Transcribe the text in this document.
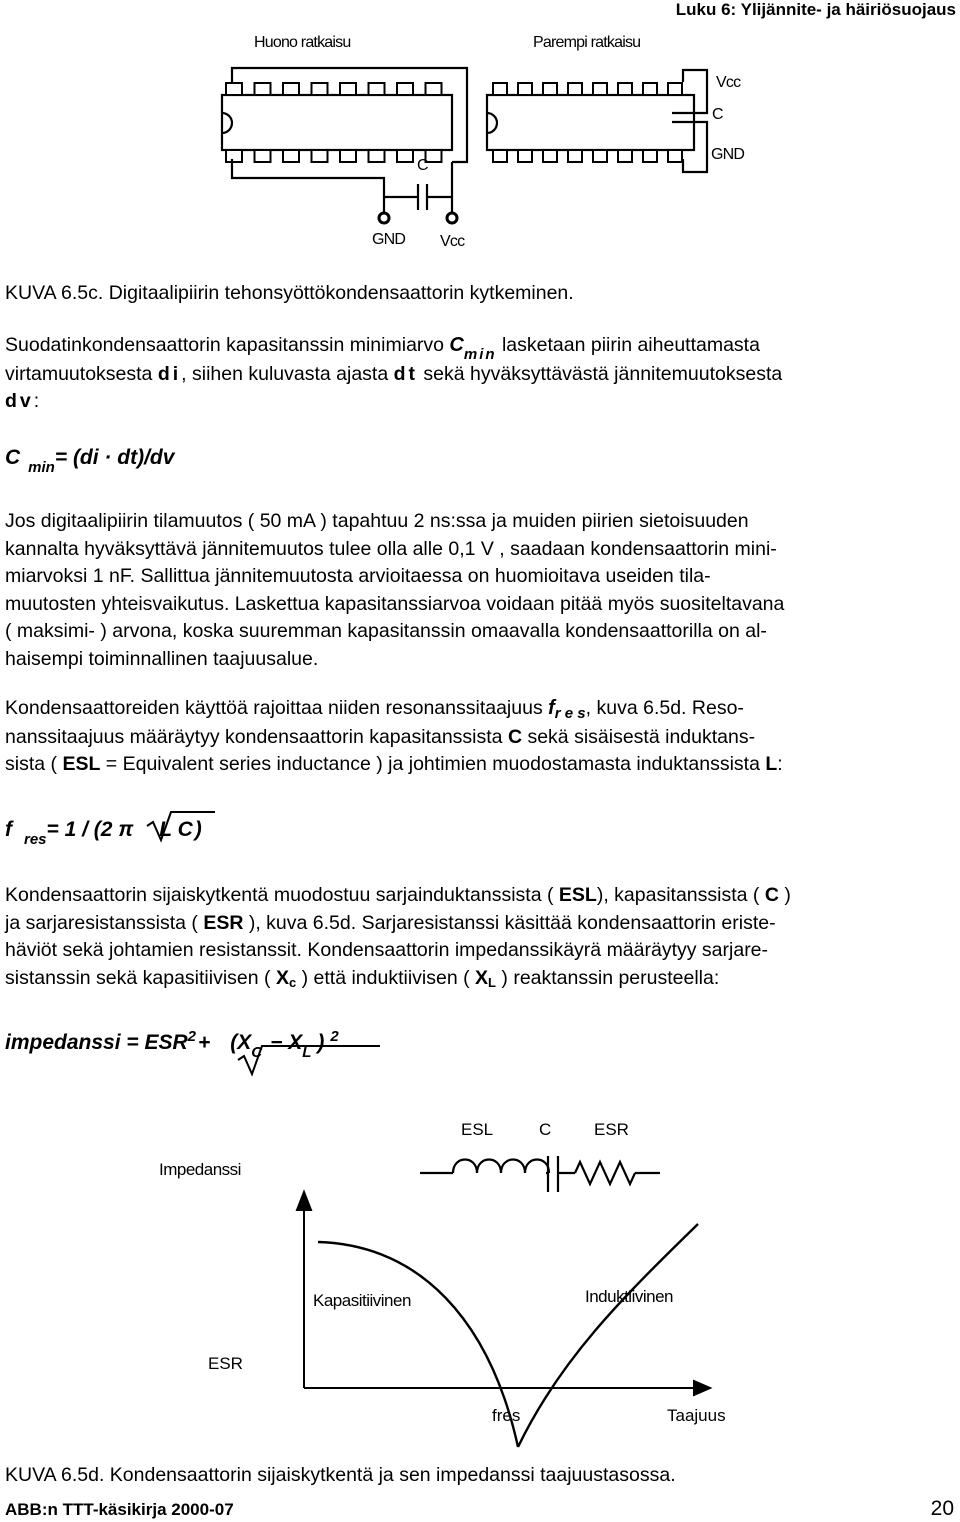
Luku 6: Ylijännite- ja häiriösuojaus
Huono ratkaisu	Parempi ratkaisu
Vcc
C
GND
C
GND Vcc
KUVA 6.5c. Digitaalipiirin tehonsyöttökondensaattorin kytkeminen.
Suodatinkondensaattorin kapasitanssin minimiarvo $C_{min}$ lasketaan piirin aiheuttamasta
virtamuutoksesta di, siihen kuluvasta ajasta dt sekä hyväksyttävästä jännitemuutoksesta
dv:
C $_{min}$= (di · dt)/dv
Jos digitaalipiirin tilamuutos ( 50 mA ) tapahtuu 2 ns:ssa ja muiden piirien sietoisuuden
kannalta hyväksyttävä jännitemuutos tulee olla alle 0,1 V , saadaan kondensaattorin mini-
miarvoksi 1 nF. Sallittua jännitemuutosta arvioitaessa on huomioitava useiden tila-
muutosten yhteisvaikutus. Laskettua kapasitanssiarvoa voidaan pitää myös suositeltavana
( maksimi- ) arvona, koska suuremman kapasitanssin omaavalla kondensaattorilla on al-
haisempi toiminnallinen taajuusalue.
Kondensaattoreiden käyttöä rajoittaa niiden resonanssitaajuus $f_{r e s}$, kuva 6.5d. Reso-
nanssitaajuus määräytyy kondensaattorin kapasitanssista C sekä sisäisestä induktans-
sista ( ESL = Equivalent series inductance ) ja johtimien muodostamasta induktanssista L:
f $_{res}$= 1 / (2 π L C)
Kondensaattorin sijaiskytkentä muodostuu sarjainduktanssista ( ESL), kapasitanssista ( C )
ja sarjaresistanssista ( ESR ), kuva 6.5d. Sarjaresistanssi käsittää kondensaattorin eriste-
häviöt sekä johtamien resistanssit. Kondensaattorin impedanssikäyrä määräytyy sarjare-
sistanssin sekä kapasitiivisen ( Xc ) että induktiivisen ( XL ) reaktanssin perusteella:
impedanssi = $ESR^2+ (X_C - X_L$ ) $^2$
ESL	C	ESR
Impedanssi
Kapasitiivinen	Induktiivinen
ESR
fres	Taajuus
KUVA 6.5d. Kondensaattorin sijaiskytkentä ja sen impedanssi taajuustasossa.
ABB:n TTT-käsikirja 2000-07	20
